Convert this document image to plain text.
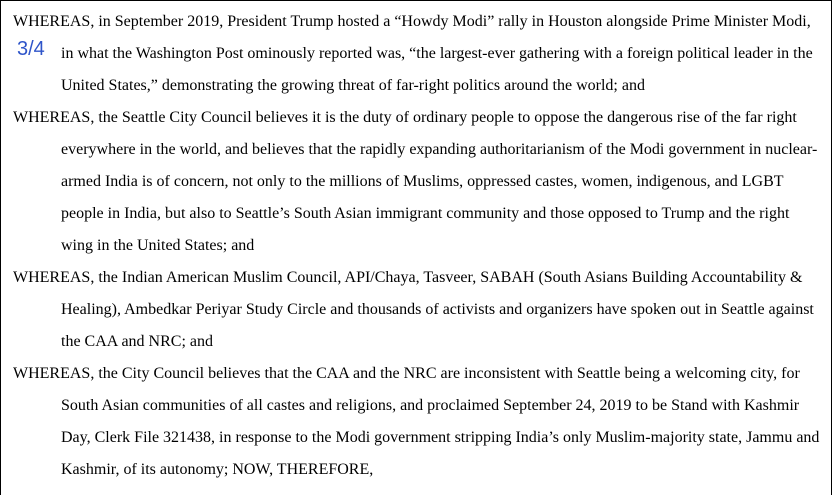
WHEREAS, in September 2019, President Trump hosted a “Howdy Modi” rally in Houston alongside Prime Minister Modi,
in what the Washington Post ominously reported was, “the largest-ever gathering with a foreign political leader in the
United States,” demonstrating the growing threat of far-right politics around the world; and
WHEREAS, the Seattle City Council believes it is the duty of ordinary people to oppose the dangerous rise of the far right
everywhere in the world, and believes that the rapidly expanding authoritarianism of the Modi government in nuclear-
armed India is of concern, not only to the millions of Muslims, oppressed castes, women, indigenous, and LGBT
people in India, but also to Seattle’s South Asian immigrant community and those opposed to Trump and the right
wing in the United States; and
WHEREAS, the Indian American Muslim Council, API/Chaya, Tasveer, SABAH (South Asians Building Accountability &
Healing), Ambedkar Periyar Study Circle and thousands of activists and organizers have spoken out in Seattle against
the CAA and NRC; and
WHEREAS, the City Council believes that the CAA and the NRC are inconsistent with Seattle being a welcoming city, for
South Asian communities of all castes and religions, and proclaimed September 24, 2019 to be Stand with Kashmir
Day, Clerk File 321438, in response to the Modi government stripping India’s only Muslim-majority state, Jammu and
Kashmir, of its autonomy; NOW, THEREFORE,
3/4
